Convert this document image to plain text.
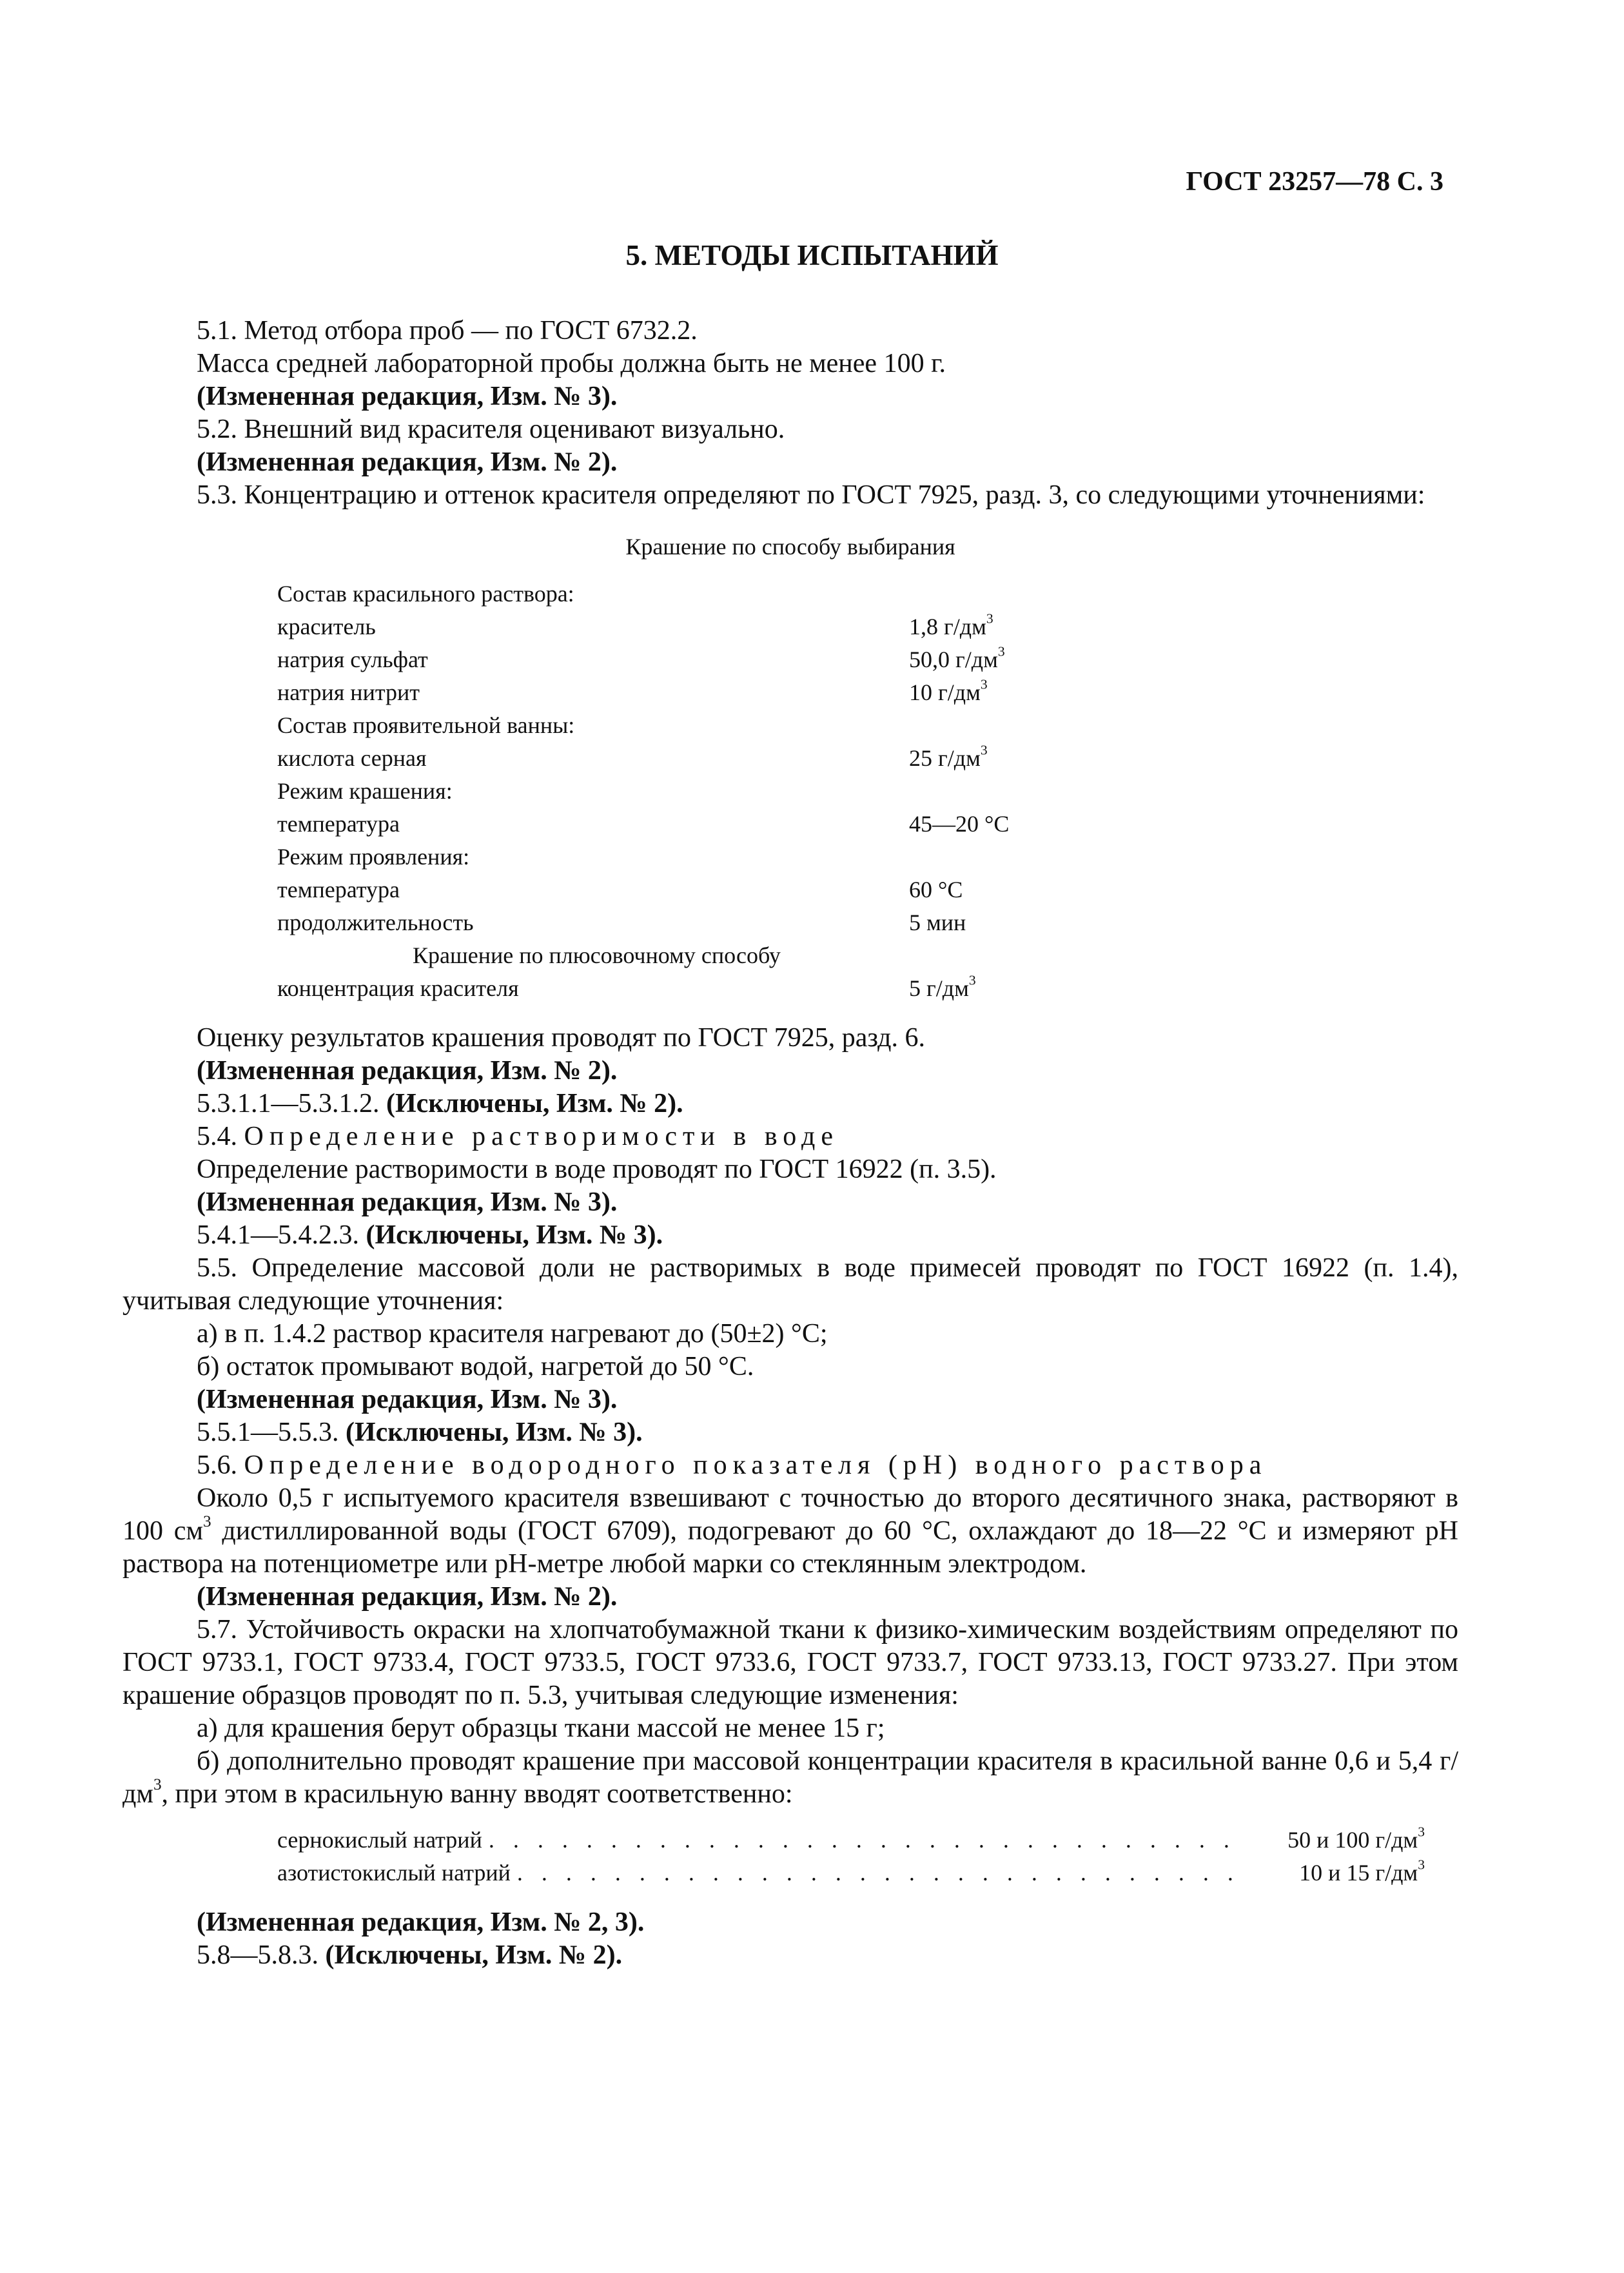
ГОСТ 23257—78 С. 3
5. МЕТОДЫ ИСПЫТАНИЙ

5.1. Метод отбора проб — по ГОСТ 6732.2.

Масса средней лабораторной пробы должна быть не менее 100 г.

(Измененная редакция, Изм. № 3).

5.2. Внешний вид красителя оценивают визуально.

(Измененная редакция, Изм. № 2).

5.3. Концентрацию и оттенок красителя определяют по ГОСТ 7925, разд. 3, со следующими уточнениями:

Крашение по способу выбирания
Состав красильного раствора:
краситель	1,8 $г/дм^3$
натрия сульфат	50,0 $г/дм^3$
натрия нитрит	10 $г/дм^3$
Состав проявительной ванны:
кислота серная	25 $г/дм^3$
Режим крашения:
температура	45—20 °С
Режим проявления:
температура	60 °С
продолжительность	5 мин
Крашение по плюсовочному способу
концентрация красителя	5 $г/дм^3$

Оценку результатов крашения проводят по ГОСТ 7925, разд. 6.

(Измененная редакция, Изм. № 2).

5.3.1.1—5.3.1.2. (Исключены, Изм. № 2).

5.4. Определение растворимости в воде

Определение растворимости в воде проводят по ГОСТ 16922 (п. 3.5).

(Измененная редакция, Изм. № 3).

5.4.1—5.4.2.3. (Исключены, Изм. № 3).

5.5. Определение массовой доли не растворимых в воде примесей проводят по ГОСТ 16922 (п. 1.4), учитывая следующие уточнения:

а) в п. 1.4.2 раствор красителя нагревают до (50±2) °С;

б) остаток промывают водой, нагретой до 50 °С.

(Измененная редакция, Изм. № 3).

5.5.1—5.5.3. (Исключены, Изм. № 3).

5.6. Определение водородного показателя (рН) водного раствора

Около 0,5 г испытуемого красителя взвешивают с точностью до второго десятичного знака, растворяют в 100 $см^3$ дистиллированной воды (ГОСТ 6709), подогревают до 60 °С, охлаждают до 18—22 °С и измеряют рН раствора на потенциометре или рН-метре любой марки со стеклянным электродом.

(Измененная редакция, Изм. № 2).

5.7. Устойчивость окраски на хлопчатобумажной ткани к физико-химическим воздействиям определяют по ГОСТ 9733.1, ГОСТ 9733.4, ГОСТ 9733.5, ГОСТ 9733.6, ГОСТ 9733.7, ГОСТ 9733.13, ГОСТ 9733.27. При этом крашение образцов проводят по п. 5.3, учитывая следующие изменения:

а) для крашения берут образцы ткани массой не менее 15 г;

б) дополнительно проводят крашение при массовой концентрации красителя в красильной ванне 0,6 и 5,4 $г/дм^3$, при этом в красильную ванну вводят соответственно:

сернокислый натрий . . .	50 и 100 $г/дм^3$
азотистокислый натрий . . .	10 и 15 $г/дм^3$

(Измененная редакция, Изм. № 2, 3).

5.8—5.8.3. (Исключены, Изм. № 2).
